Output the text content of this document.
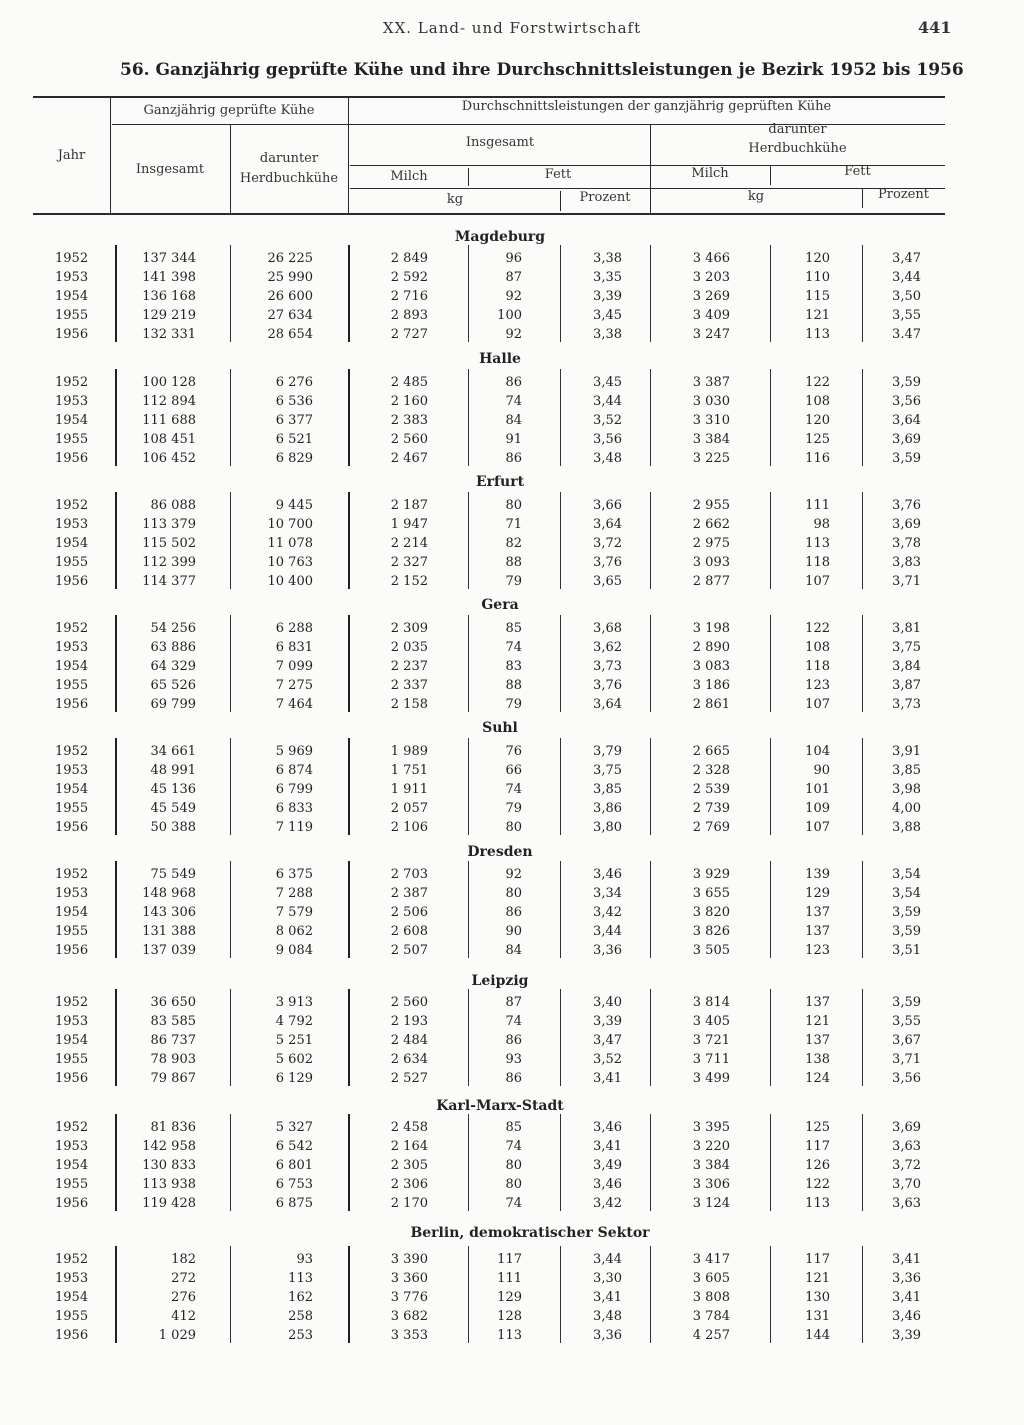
XX. Land- und Forstwirtschaft	441
56. Ganzjährig geprüfte Kühe und ihre Durchschnittsleistungen je Bezirk 1952 bis 1956
Jahr
Ganzjährig geprüfte Kühe
Insgesamt
darunter
Herdbuchkühe
Durchschnittsleistungen der ganzjährig geprüften Kühe
Insgesamt
darunter
Herdbuchkühe
Milch	Fett	Milch	Fett
kg	Prozent	kg	Prozent
Magdeburg
1952	137 344	26 225	2 849	96	3,38	3 466	120	3,47
1953	141 398	25 990	2 592	87	3,35	3 203	110	3,44
1954	136 168	26 600	2 716	92	3,39	3 269	115	3,50
1955	129 219	27 634	2 893	100	3,45	3 409	121	3,55
1956	132 331	28 654	2 727	92	3,38	3 247	113	3.47
Halle
1952	100 128	6 276	2 485	86	3,45	3 387	122	3,59
1953	112 894	6 536	2 160	74	3,44	3 030	108	3,56
1954	111 688	6 377	2 383	84	3,52	3 310	120	3,64
1955	108 451	6 521	2 560	91	3,56	3 384	125	3,69
1956	106 452	6 829	2 467	86	3,48	3 225	116	3,59
Erfurt
1952	86 088	9 445	2 187	80	3,66	2 955	111	3,76
1953	113 379	10 700	1 947	71	3,64	2 662	98	3,69
1954	115 502	11 078	2 214	82	3,72	2 975	113	3,78
1955	112 399	10 763	2 327	88	3,76	3 093	118	3,83
1956	114 377	10 400	2 152	79	3,65	2 877	107	3,71
Gera
1952	54 256	6 288	2 309	85	3,68	3 198	122	3,81
1953	63 886	6 831	2 035	74	3,62	2 890	108	3,75
1954	64 329	7 099	2 237	83	3,73	3 083	118	3,84
1955	65 526	7 275	2 337	88	3,76	3 186	123	3,87
1956	69 799	7 464	2 158	79	3,64	2 861	107	3,73
Suhl
1952	34 661	5 969	1 989	76	3,79	2 665	104	3,91
1953	48 991	6 874	1 751	66	3,75	2 328	90	3,85
1954	45 136	6 799	1 911	74	3,85	2 539	101	3,98
1955	45 549	6 833	2 057	79	3,86	2 739	109	4,00
1956	50 388	7 119	2 106	80	3,80	2 769	107	3,88
Dresden
1952	75 549	6 375	2 703	92	3,46	3 929	139	3,54
1953	148 968	7 288	2 387	80	3,34	3 655	129	3,54
1954	143 306	7 579	2 506	86	3,42	3 820	137	3,59
1955	131 388	8 062	2 608	90	3,44	3 826	137	3,59
1956	137 039	9 084	2 507	84	3,36	3 505	123	3,51
Leipzig
1952	36 650	3 913	2 560	87	3,40	3 814	137	3,59
1953	83 585	4 792	2 193	74	3,39	3 405	121	3,55
1954	86 737	5 251	2 484	86	3,47	3 721	137	3,67
1955	78 903	5 602	2 634	93	3,52	3 711	138	3,71
1956	79 867	6 129	2 527	86	3,41	3 499	124	3,56
Karl-Marx-Stadt
1952	81 836	5 327	2 458	85	3,46	3 395	125	3,69
1953	142 958	6 542	2 164	74	3,41	3 220	117	3,63
1954	130 833	6 801	2 305	80	3,49	3 384	126	3,72
1955	113 938	6 753	2 306	80	3,46	3 306	122	3,70
1956	119 428	6 875	2 170	74	3,42	3 124	113	3,63
Berlin, demokratischer Sektor
1952	182	93	3 390	117	3,44	3 417	117	3,41
1953	272	113	3 360	111	3,30	3 605	121	3,36
1954	276	162	3 776	129	3,41	3 808	130	3,41
1955	412	258	3 682	128	3,48	3 784	131	3,46
1956	1 029	253	3 353	113	3,36	4 257	144	3,39
